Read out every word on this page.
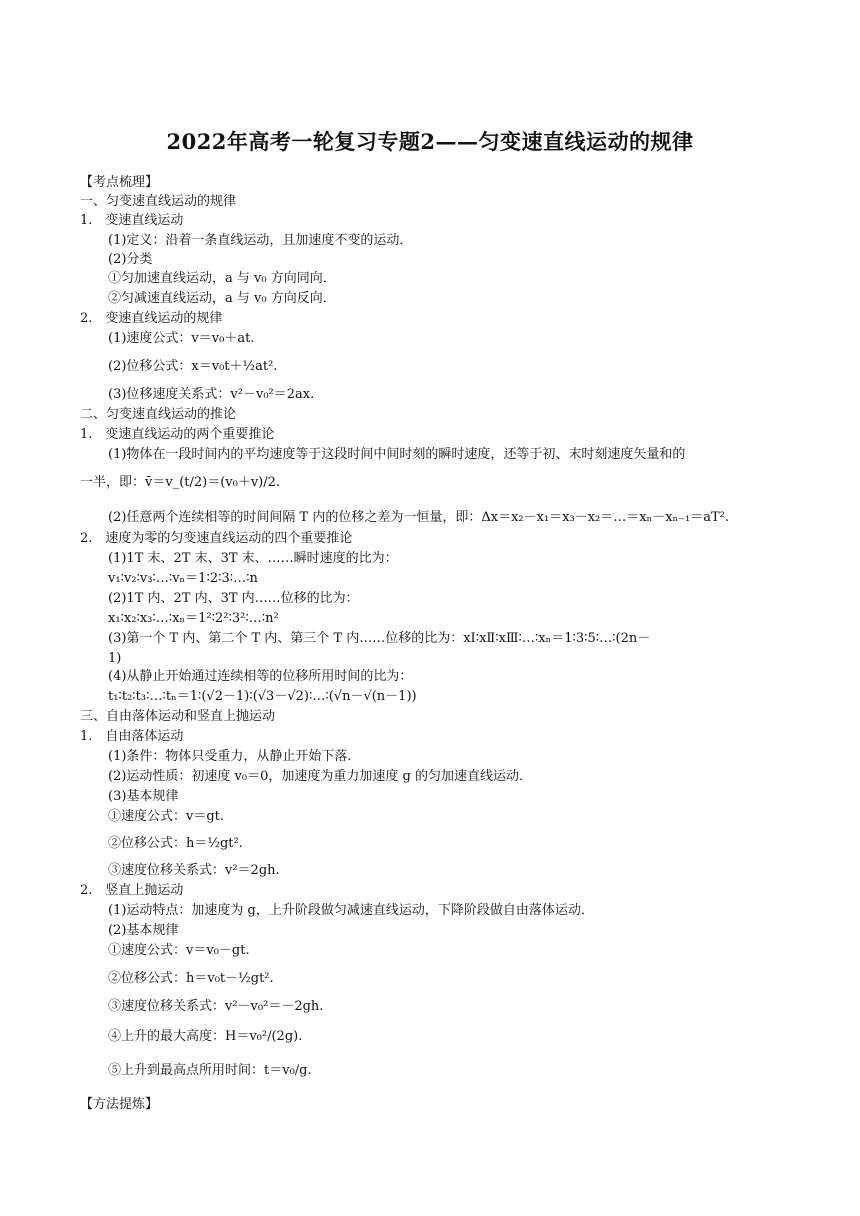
2022年高考一轮复习专题2——匀变速直线运动的规律
【考点梳理】
一、匀变速直线运动的规律
1.　变速直线运动
(1)定义：沿着一条直线运动，且加速度不变的运动．
(2)分类
①匀加速直线运动，a 与 v₀ 方向同向．
②匀减速直线运动，a 与 v₀ 方向反向．
2.　变速直线运动的规律
(1)速度公式：v＝v₀＋at.
(2)位移公式：x＝v₀t＋½at².
(3)位移速度关系式：v²－v₀²＝2ax.
二、匀变速直线运动的推论
1.　变速直线运动的两个重要推论
(1)物体在一段时间内的平均速度等于这段时间中间时刻的瞬时速度，还等于初、末时刻速度矢量和的
一半，即：v̄＝v_(t/2)＝(v₀＋v)/2.
(2)任意两个连续相等的时间间隔 T 内的位移之差为一恒量，即：Δx＝x₂－x₁＝x₃－x₂＝…＝xₙ－xₙ₋₁＝aT².
2.　速度为零的匀变速直线运动的四个重要推论
(1)1T 末、2T 末、3T 末、……瞬时速度的比为：
v₁∶v₂∶v₃∶…∶vₙ＝1∶2∶3∶…∶n
(2)1T 内、2T 内、3T 内……位移的比为：
x₁∶x₂∶x₃∶…∶xₙ＝1²∶2²∶3²∶…∶n²
(3)第一个 T 内、第二个 T 内、第三个 T 内……位移的比为：xⅠ∶xⅡ∶xⅢ∶…∶xₙ＝1∶3∶5∶…∶(2n－
1)
(4)从静止开始通过连续相等的位移所用时间的比为：
t₁∶t₂∶t₃∶…∶tₙ＝1∶(√2－1)∶(√3－√2)∶…∶(√n－√(n－1))
三、自由落体运动和竖直上抛运动
1.　自由落体运动
(1)条件：物体只受重力，从静止开始下落．
(2)运动性质：初速度 v₀＝0，加速度为重力加速度 g 的匀加速直线运动．
(3)基本规律
①速度公式：v＝gt.
②位移公式：h＝½gt².
③速度位移关系式：v²＝2gh.
2.　竖直上抛运动
(1)运动特点：加速度为 g，上升阶段做匀减速直线运动，下降阶段做自由落体运动．
(2)基本规律
①速度公式：v＝v₀－gt.
②位移公式：h＝v₀t－½gt².
③速度位移关系式：v²－v₀²＝－2gh.
④上升的最大高度：H＝v₀²/(2g).
⑤上升到最高点所用时间：t＝v₀/g.
【方法提炼】
